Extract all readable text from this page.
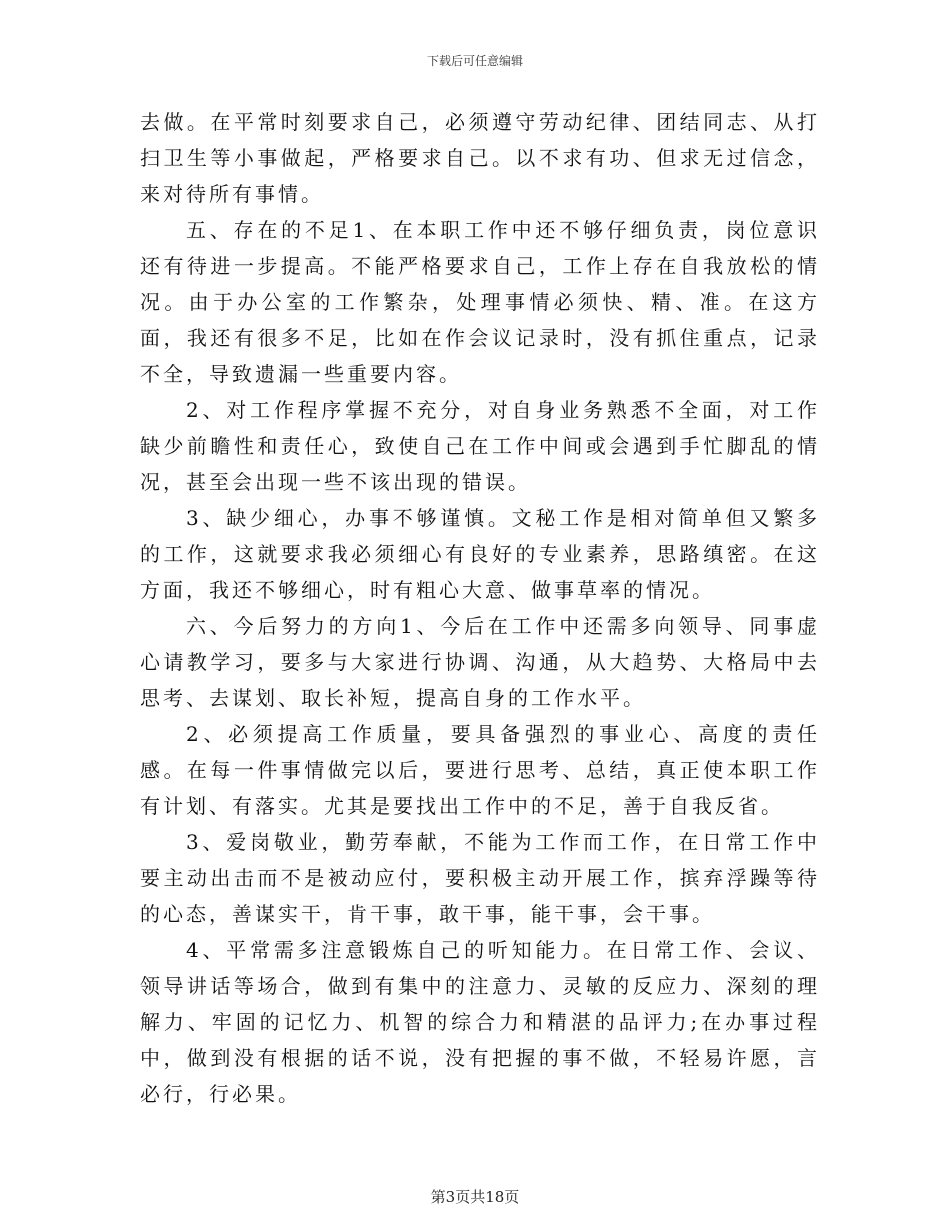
下载后可任意编辑

去做。在平常时刻要求自己，必须遵守劳动纪律、团结同志、从打扫卫生等小事做起，严格要求自己。以不求有功、但求无过信念，来对待所有事情。

五、存在的不足1、在本职工作中还不够仔细负责，岗位意识还有待进一步提高。不能严格要求自己，工作上存在自我放松的情况。由于办公室的工作繁杂，处理事情必须快、精、准。在这方面，我还有很多不足，比如在作会议记录时，没有抓住重点，记录不全，导致遗漏一些重要内容。

2、对工作程序掌握不充分，对自身业务熟悉不全面，对工作缺少前瞻性和责任心，致使自己在工作中间或会遇到手忙脚乱的情况，甚至会出现一些不该出现的错误。

3、缺少细心，办事不够谨慎。文秘工作是相对简单但又繁多的工作，这就要求我必须细心有良好的专业素养，思路缜密。在这方面，我还不够细心，时有粗心大意、做事草率的情况。

六、今后努力的方向1、今后在工作中还需多向领导、同事虚心请教学习，要多与大家进行协调、沟通，从大趋势、大格局中去思考、去谋划、取长补短，提高自身的工作水平。

2、必须提高工作质量，要具备强烈的事业心、高度的责任感。在每一件事情做完以后，要进行思考、总结，真正使本职工作有计划、有落实。尤其是要找出工作中的不足，善于自我反省。

3、爱岗敬业，勤劳奉献，不能为工作而工作，在日常工作中要主动出击而不是被动应付，要积极主动开展工作，摈弃浮躁等待的心态，善谋实干，肯干事，敢干事，能干事，会干事。

4、平常需多注意锻炼自己的听知能力。在日常工作、会议、领导讲话等场合，做到有集中的注意力、灵敏的反应力、深刻的理解力、牢固的记忆力、机智的综合力和精湛的品评力;在办事过程中，做到没有根据的话不说，没有把握的事不做，不轻易许愿，言必行，行必果。

第3页共18页
